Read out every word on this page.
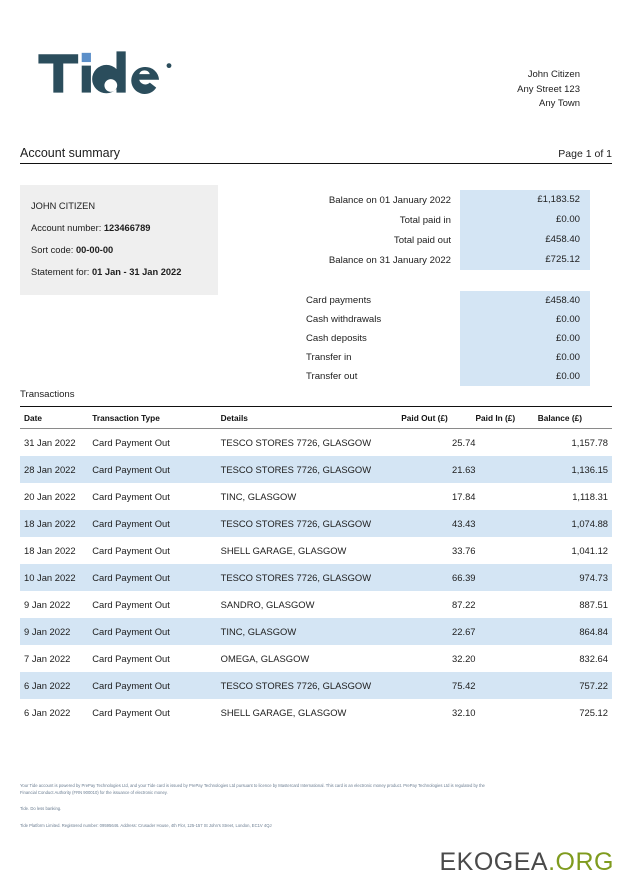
John Citizen
Any Street 123
Any Town
Account summary	Page 1 of 1
JOHN CITIZEN
Account number: 123466789
Sort code: 00-00-00
Statement for: 01 Jan - 31 Jan 2022
Balance on 01 January 2022	£1,183.52
Total paid in	£0.00
Total paid out	£458.40
Balance on 31 January 2022	£725.12
Card payments	£458.40
Cash withdrawals	£0.00
Cash deposits	£0.00
Transfer in	£0.00
Transfer out	£0.00
Transactions
Date	Transaction Type	Details	Paid Out (£)	Paid In (£)	Balance (£)
31 Jan 2022	Card Payment Out	TESCO STORES 7726, GLASGOW	25.74		1,157.78
28 Jan 2022	Card Payment Out	TESCO STORES 7726, GLASGOW	21.63		1,136.15
20 Jan 2022	Card Payment Out	TINC, GLASGOW	17.84		1,118.31
18 Jan 2022	Card Payment Out	TESCO STORES 7726, GLASGOW	43.43		1,074.88
18 Jan 2022	Card Payment Out	SHELL GARAGE, GLASGOW	33.76		1,041.12
10 Jan 2022	Card Payment Out	TESCO STORES 7726, GLASGOW	66.39		974.73
9 Jan 2022	Card Payment Out	SANDRO, GLASGOW	87.22		887.51
9 Jan 2022	Card Payment Out	TINC, GLASGOW	22.67		864.84
7 Jan 2022	Card Payment Out	OMEGA, GLASGOW	32.20		832.64
6 Jan 2022	Card Payment Out	TESCO STORES 7726, GLASGOW	75.42		757.22
6 Jan 2022	Card Payment Out	SHELL GARAGE, GLASGOW	32.10		725.12

Your Tide account is powered by PrePay Technologies Ltd, and your Tide card is issued by PrePay Technologies Ltd pursuant to licence by Mastercard International. This card is an electronic money product. PrePay Technologies Ltd is regulated by the Financial Conduct Authority (FRN 900010) for the issuance of electronic money.

Tide. Do less banking.

Tide Platform Limited. Registered number: 09595646. Address: Crusader House, 4th Flor, 125-157 St John's Street, London, EC1V 4QJ

EKOGEA.ORG
